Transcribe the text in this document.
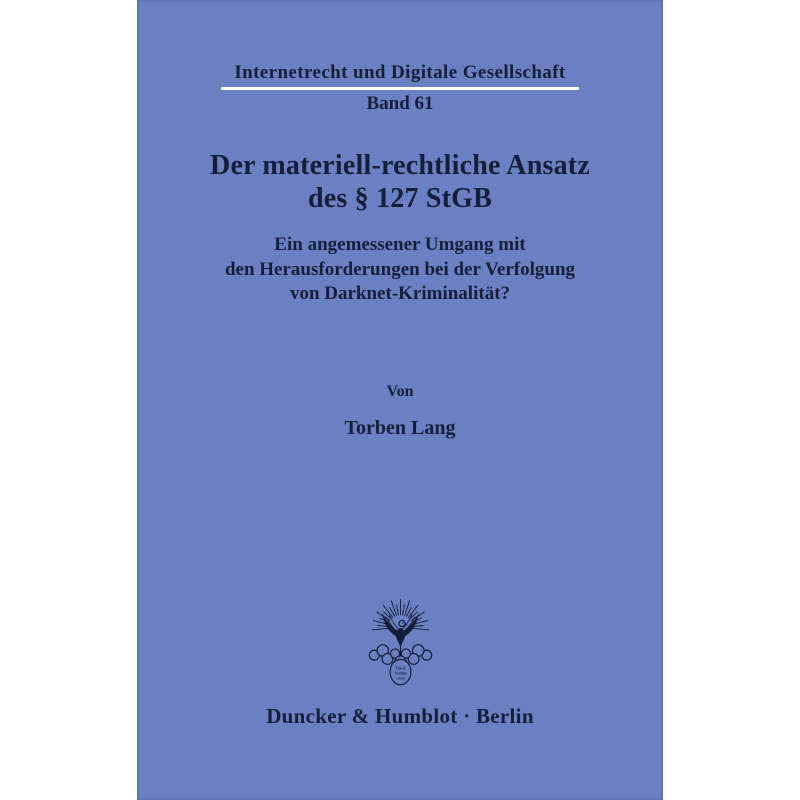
Internetrecht und Digitale Gesellschaft
Band 61
Der materiell-rechtliche Ansatz
des § 127 StGB
Ein angemessener Umgang mit
den Herausforderungen bei der Verfolgung
von Darknet-Kriminalität?
Von
Torben Lang
Vincit
Veritas
D&H
Duncker & Humblot · Berlin
